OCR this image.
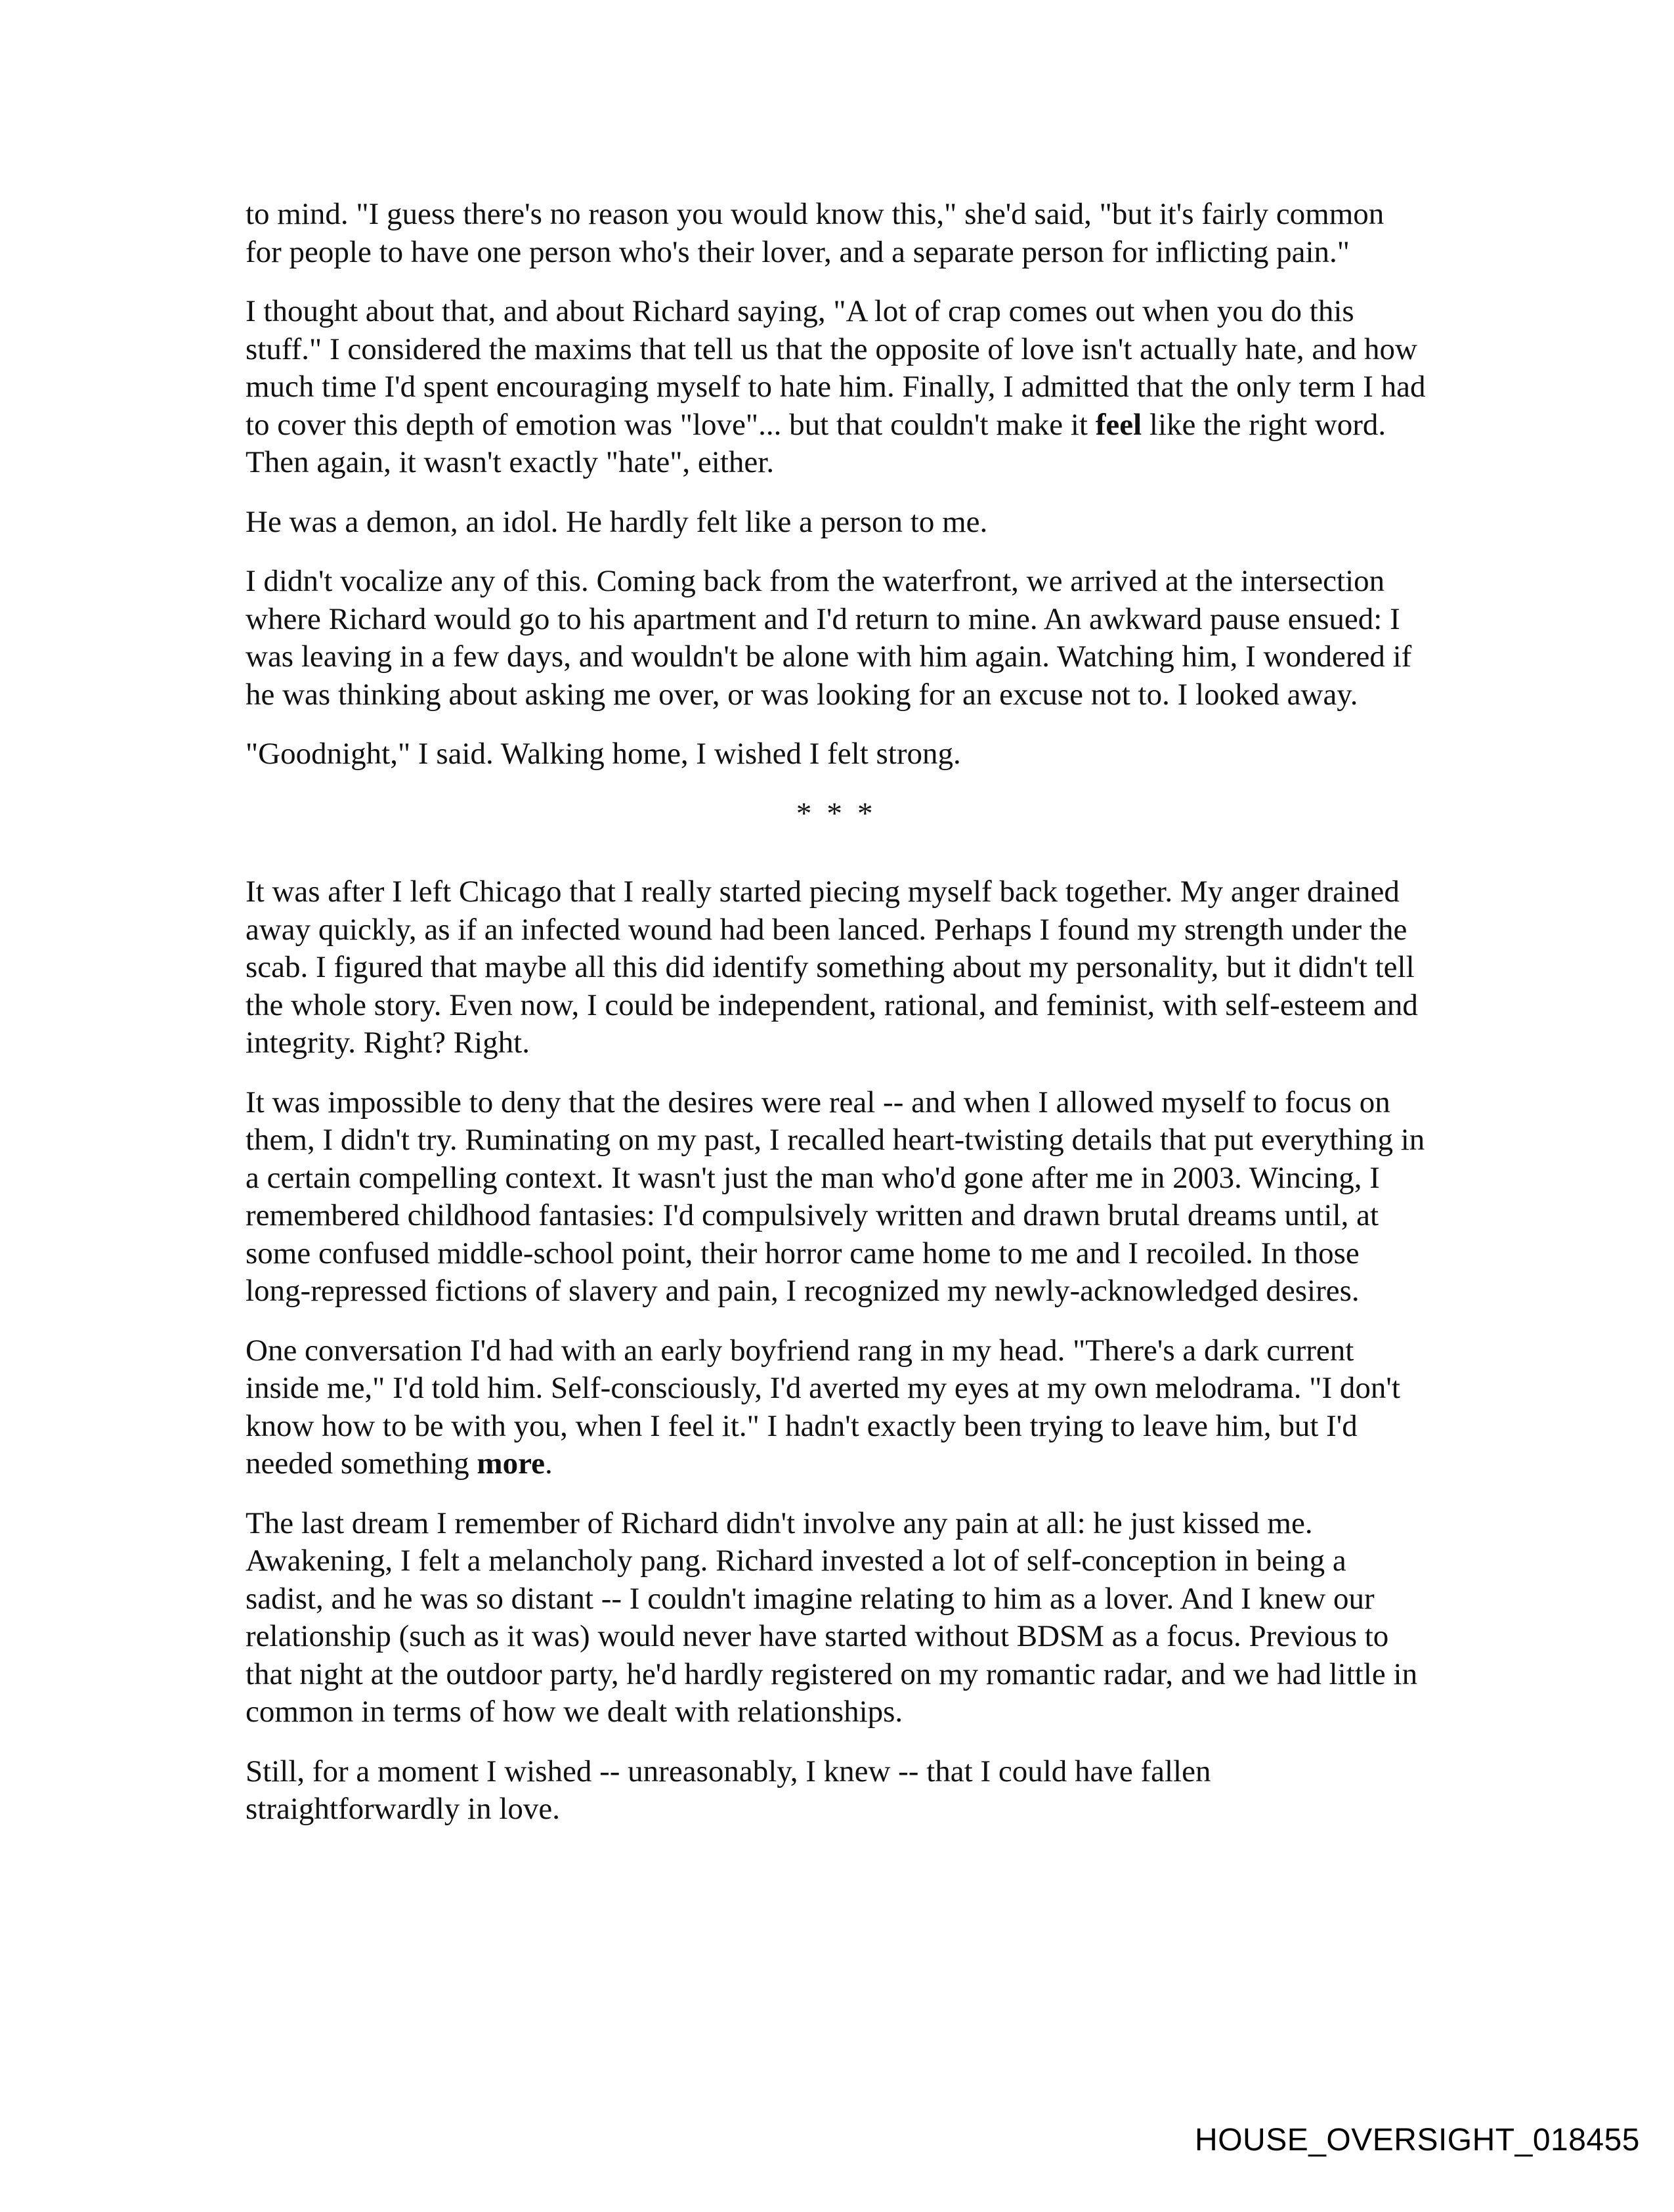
to mind. "I guess there's no reason you would know this," she'd said, "but it's fairly common for people to have one person who's their lover, and a separate person for inflicting pain."

I thought about that, and about Richard saying, "A lot of crap comes out when you do this stuff." I considered the maxims that tell us that the opposite of love isn't actually hate, and how much time I'd spent encouraging myself to hate him. Finally, I admitted that the only term I had to cover this depth of emotion was "love"... but that couldn't make it feel like the right word. Then again, it wasn't exactly "hate", either.

He was a demon, an idol. He hardly felt like a person to me.

I didn't vocalize any of this. Coming back from the waterfront, we arrived at the intersection where Richard would go to his apartment and I'd return to mine. An awkward pause ensued: I was leaving in a few days, and wouldn't be alone with him again. Watching him, I wondered if he was thinking about asking me over, or was looking for an excuse not to. I looked away.

"Goodnight," I said. Walking home, I wished I felt strong.

* * *

It was after I left Chicago that I really started piecing myself back together. My anger drained away quickly, as if an infected wound had been lanced. Perhaps I found my strength under the scab. I figured that maybe all this did identify something about my personality, but it didn't tell the whole story. Even now, I could be independent, rational, and feminist, with self-esteem and integrity. Right? Right.

It was impossible to deny that the desires were real -- and when I allowed myself to focus on them, I didn't try. Ruminating on my past, I recalled heart-twisting details that put everything in a certain compelling context. It wasn't just the man who'd gone after me in 2003. Wincing, I remembered childhood fantasies: I'd compulsively written and drawn brutal dreams until, at some confused middle-school point, their horror came home to me and I recoiled. In those long-repressed fictions of slavery and pain, I recognized my newly-acknowledged desires.

One conversation I'd had with an early boyfriend rang in my head. "There's a dark current inside me," I'd told him. Self-consciously, I'd averted my eyes at my own melodrama. "I don't know how to be with you, when I feel it." I hadn't exactly been trying to leave him, but I'd needed something more.

The last dream I remember of Richard didn't involve any pain at all: he just kissed me. Awakening, I felt a melancholy pang. Richard invested a lot of self-conception in being a sadist, and he was so distant -- I couldn't imagine relating to him as a lover. And I knew our relationship (such as it was) would never have started without BDSM as a focus. Previous to that night at the outdoor party, he'd hardly registered on my romantic radar, and we had little in common in terms of how we dealt with relationships.

Still, for a moment I wished -- unreasonably, I knew -- that I could have fallen straightforwardly in love.

HOUSE_OVERSIGHT_018455
